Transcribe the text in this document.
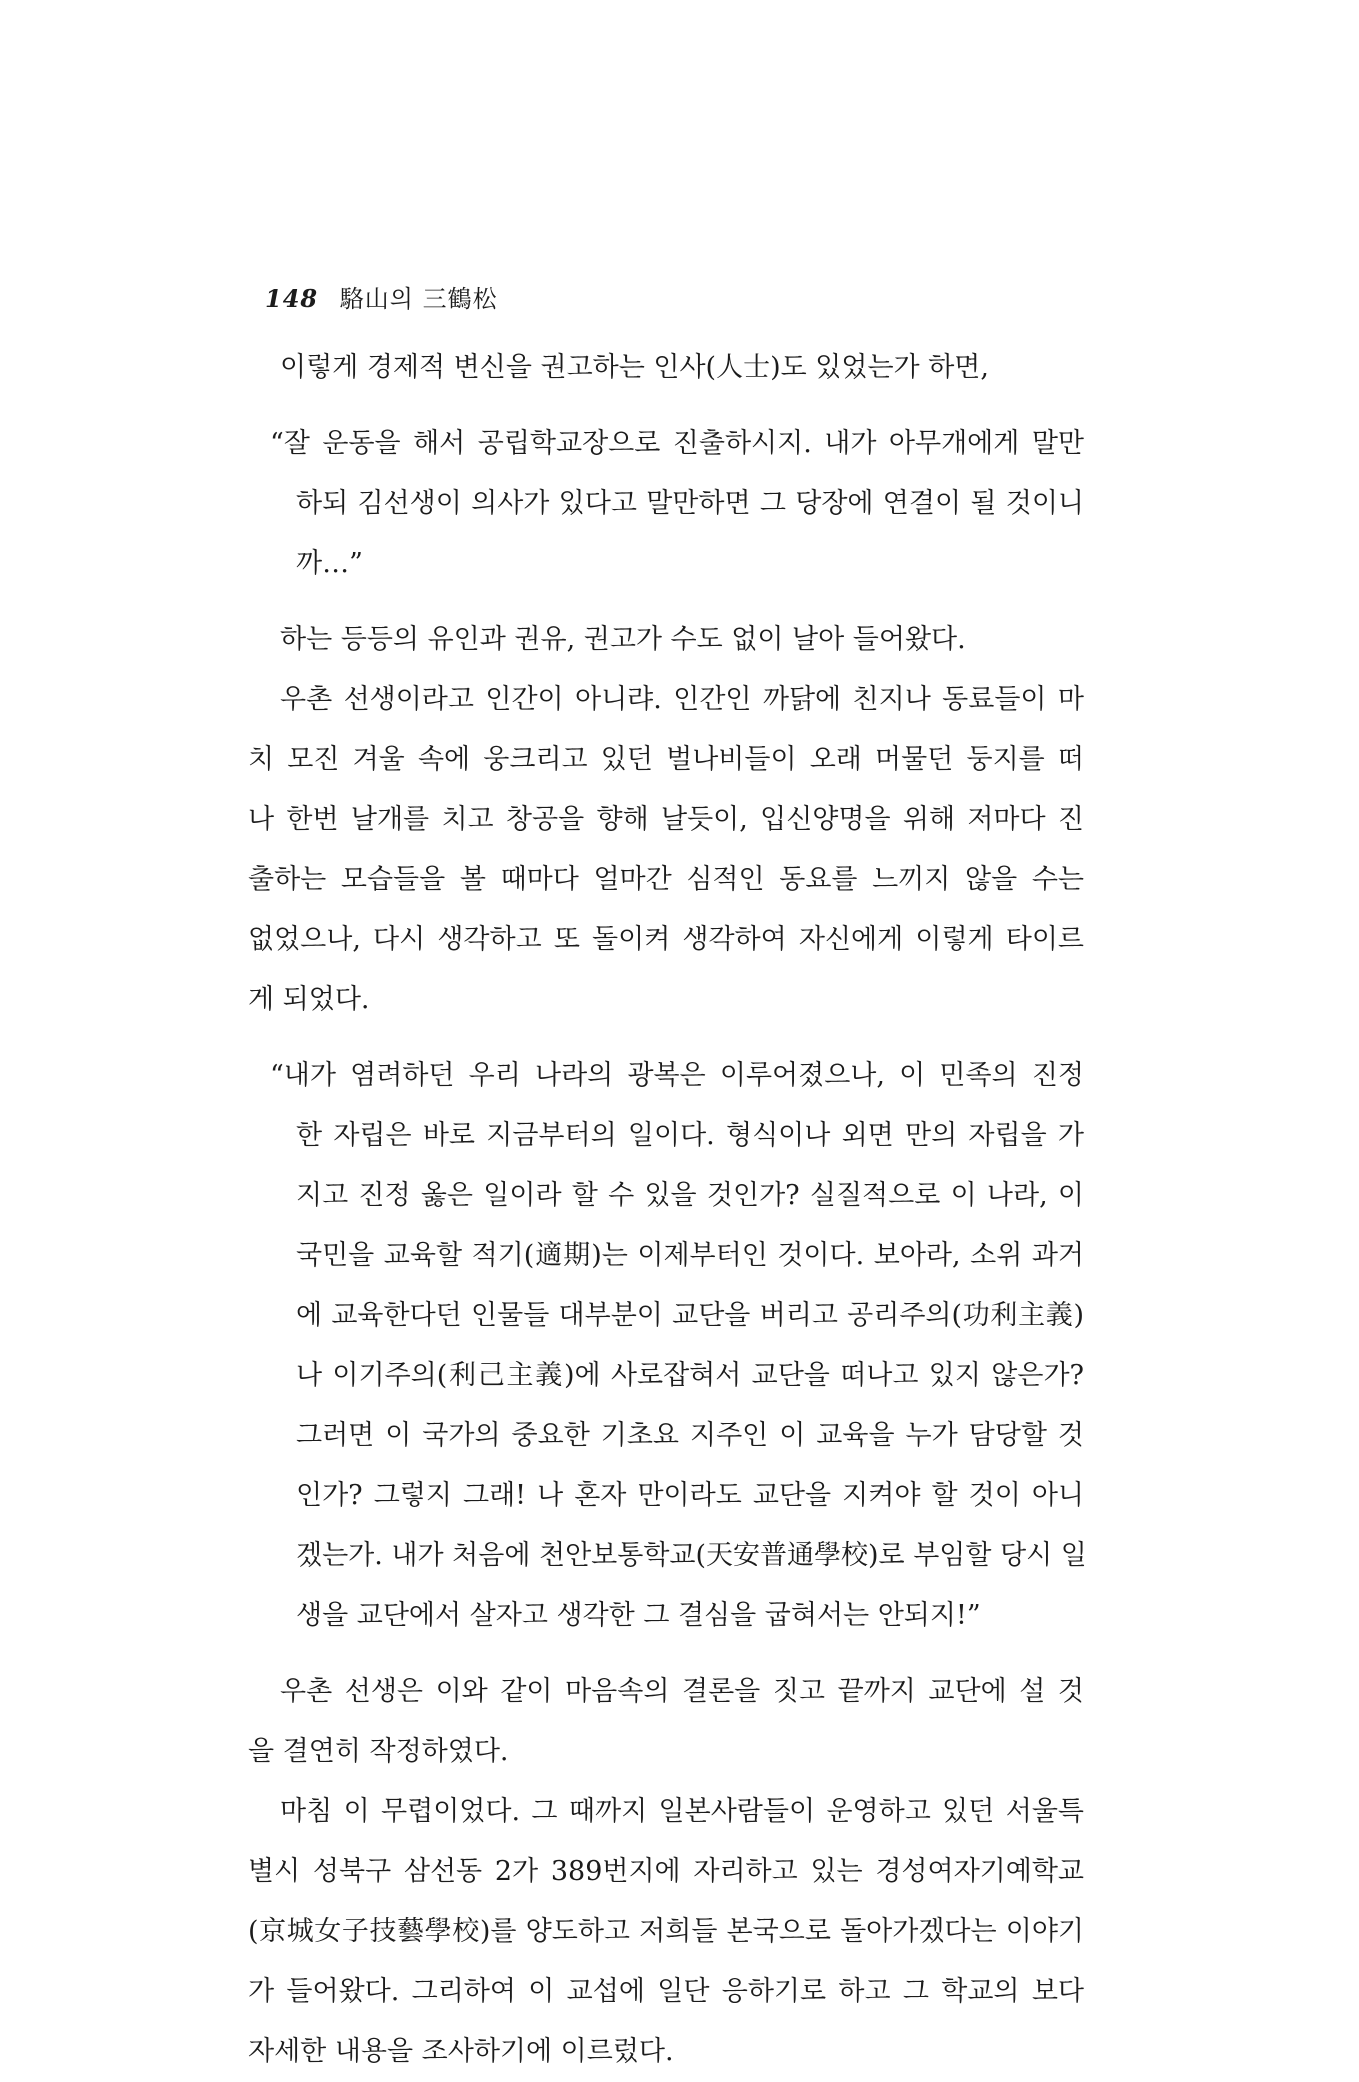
148 駱山의 三鶴松
이렇게 경제적 변신을 권고하는 인사(人士)도 있었는가 하면,
“잘 운동을 해서 공립학교장으로 진출하시지. 내가 아무개에게 말만
하되 김선생이 의사가 있다고 말만하면 그 당장에 연결이 될 것이니
까…”
하는 등등의 유인과 권유, 권고가 수도 없이 날아 들어왔다.
우촌 선생이라고 인간이 아니랴. 인간인 까닭에 친지나 동료들이 마
치 모진 겨울 속에 웅크리고 있던 벌나비들이 오래 머물던 둥지를 떠
나 한번 날개를 치고 창공을 향해 날듯이, 입신양명을 위해 저마다 진
출하는 모습들을 볼 때마다 얼마간 심적인 동요를 느끼지 않을 수는
없었으나, 다시 생각하고 또 돌이켜 생각하여 자신에게 이렇게 타이르
게 되었다.
“내가 염려하던 우리 나라의 광복은 이루어졌으나, 이 민족의 진정
한 자립은 바로 지금부터의 일이다. 형식이나 외면 만의 자립을 가
지고 진정 옳은 일이라 할 수 있을 것인가? 실질적으로 이 나라, 이
국민을 교육할 적기(適期)는 이제부터인 것이다. 보아라, 소위 과거
에 교육한다던 인물들 대부분이 교단을 버리고 공리주의(功利主義)
나 이기주의(利己主義)에 사로잡혀서 교단을 떠나고 있지 않은가?
그러면 이 국가의 중요한 기초요 지주인 이 교육을 누가 담당할 것
인가? 그렇지 그래! 나 혼자 만이라도 교단을 지켜야 할 것이 아니
겠는가. 내가 처음에 천안보통학교(天安普通學校)로 부임할 당시 일
생을 교단에서 살자고 생각한 그 결심을 굽혀서는 안되지!”
우촌 선생은 이와 같이 마음속의 결론을 짓고 끝까지 교단에 설 것
을 결연히 작정하였다.
마침 이 무렵이었다. 그 때까지 일본사람들이 운영하고 있던 서울특
별시 성북구 삼선동 2가 389번지에 자리하고 있는 경성여자기예학교
(京城女子技藝學校)를 양도하고 저희들 본국으로 돌아가겠다는 이야기
가 들어왔다. 그리하여 이 교섭에 일단 응하기로 하고 그 학교의 보다
자세한 내용을 조사하기에 이르렀다.
